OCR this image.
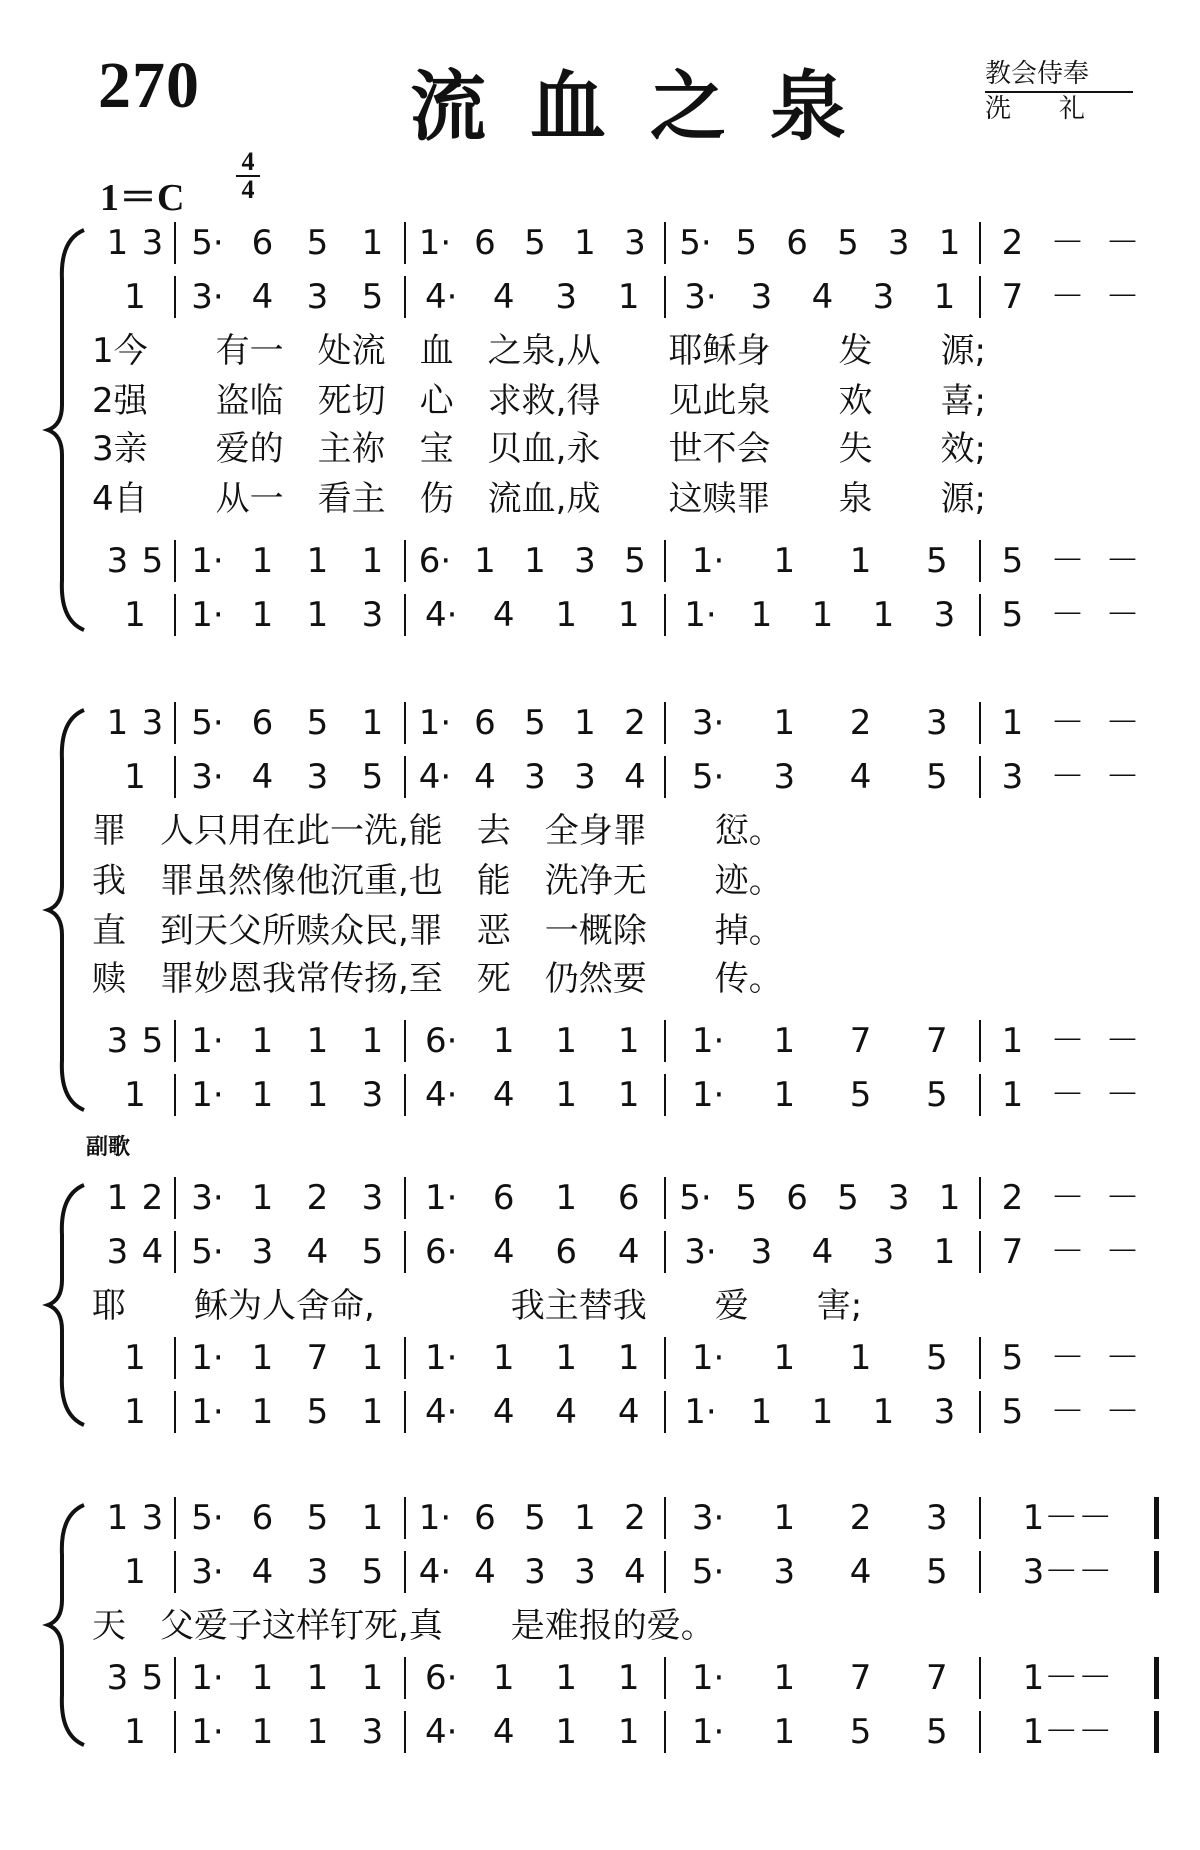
270	流血之泉	教会侍奉
洗礼
1＝C
4
4
副歌
1 3 5· 6 5 1	1· 6 5 1 3 5· 5 6 5 3 1	2 － －
1	3· 4 3 5	4·	4	3	1	3· 3	4	3	1	7 － －
3 5 1· 1 1 1	6· 1 1 3 5	1·	1	1	5	5 － －
1	1· 1 1 3	4·	4	1	1	1· 1	1	1	3	5 － －
1今　　有一　处流　血　之泉,从　　耶稣身　　发　　源;
2强　　盗临　死切　心　求救,得　　见此泉　　欢　　喜;
3亲　　爱的　主祢　宝　贝血,永　　世不会　　失　　效;
4自　　从一　看主　伤　流血,成　　这赎罪　　泉　　源;
1 3 5· 6 5 1	1· 6 5 1 2	3·	1	2	3	1 － －
1	3· 4 3 5	4· 4 3 3 4	5·	3	4	5	3 － －
3 5 1· 1 1 1	6·	1	1	1	1·	1	7	7	1 － －
1	1· 1 1 3	4·	4	1	1	1·	1	5	5	1 － －
罪　人只用在此一洗,能　去　全身罪　　愆。
我　罪虽然像他沉重,也　能　洗净无　　迹。
直　到天父所赎众民,罪　恶　一概除　　掉。
赎　罪妙恩我常传扬,至　死　仍然要　　传。
1 2 3· 1 2 3	1·	6	1	6	5· 5 6 5 3 1	2 － －
3 4 5· 3 4 5	6·	4	6	4	3· 3	4	3	1	7 － －
1	1· 1 7 1	1·	1	1	1	1·	1	1	5	5 － －
1	1· 1 5 1	4·	4	4	4	1· 1	1	1	3	5 － －
耶　　稣为人舍命,　　　　我主替我　　爱　　害;
1 3 5· 6 5 1	1· 6 5 1 2	3·	1	2	3	1－－
1	3· 4 3 5	4· 4 3 3 4	5·	3	4	5	3－－
3 5 1· 1 1 1	6·	1	1	1	1·	1	7	7	1－－
1	1· 1 1 3	4·	4	1	1	1·	1	5	5	1－－
天　父爱子这样钉死,真　　是难报的爱。
